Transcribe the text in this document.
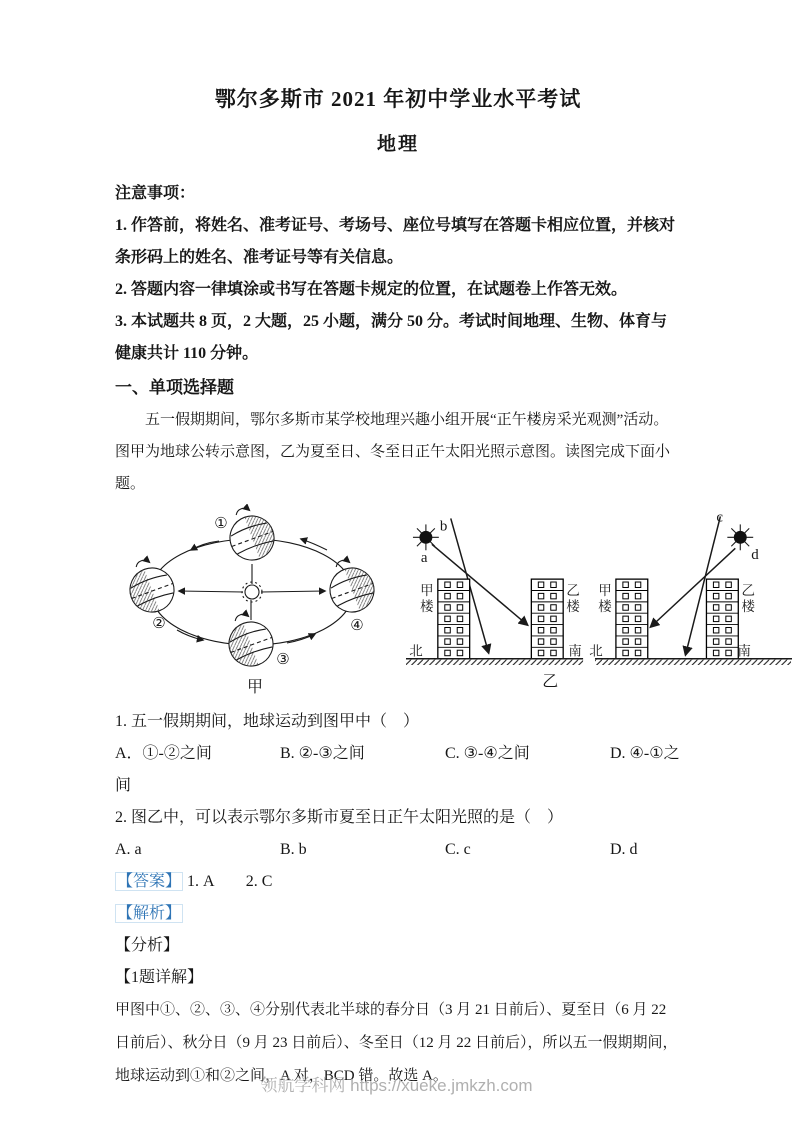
鄂尔多斯市 2021 年初中学业水平考试
地理

注意事项：

1. 作答前，将姓名、准考证号、考场号、座位号填写在答题卡相应位置，并核对条形码上的姓名、准考证号等有关信息。

2. 答题内容一律填涂或书写在答题卡规定的位置，在试题卷上作答无效。

3. 本试题共 8 页，2 大题，25 小题，满分 50 分。考试时间地理、生物、体育与健康共计 110 分钟。

一、单项选择题

五一假期期间，鄂尔多斯市某学校地理兴趣小组开展“正午楼房采光观测”活动。图甲为地球公转示意图，乙为夏至日、冬至日正午太阳光照示意图。读图完成下面小题。

①
②
③
④
甲
b
a
甲
楼
乙
楼
北	南
乙
c
d
甲
楼
乙
楼
北	南

1. 五一假期期间，地球运动到图甲中（　）

A．①-②之间	B. ②-③之间	C. ③-④之间	D. ④-①之

间

2. 图乙中，可以表示鄂尔多斯市夏至日正午太阳光照的是（　）

A. a	B. b	C. c	D. d

【答案】 1. A　　2. C

【解析】

【分析】

【1题详解】

甲图中①、②、③、④分别代表北半球的春分日（3 月 21 日前后）、夏至日（6 月 22 日前后）、秋分日（9 月 23 日前后）、冬至日（12 月 22 日前后），所以五一假期期间，地球运动到①和②之间，A 对，BCD 错。故选 A。

领航学科网 https://xueke.jmkzh.com
